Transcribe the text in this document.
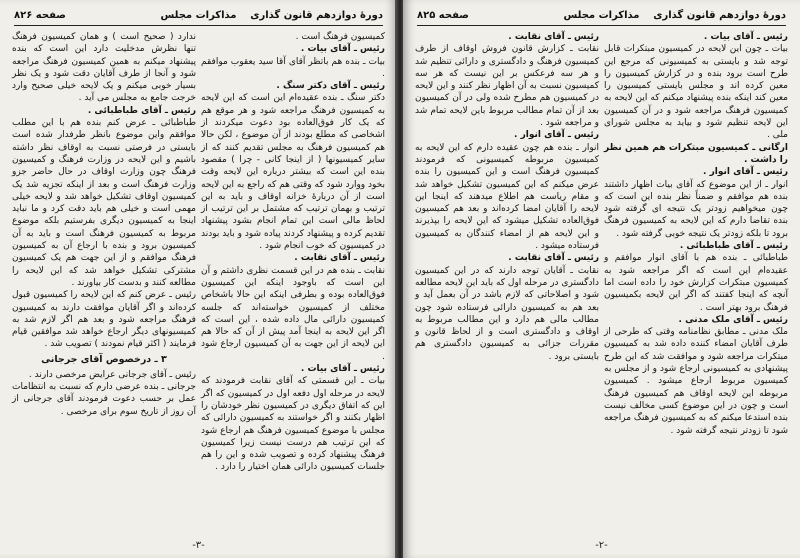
دورهٔ دوازدهم قانون گذاری
مذاکرات مجلس
صفحه ۸۲۶

کمیسیون فرهنگ است .

رئیس ـ آقای بیات .

بیات ـ بنده هم باتظر آقای آقا سید یعقوب موافقم .

رئیس ـ آقای دکتر سنگ .

دکتر سنگ ـ بنده عقیده‌ام این است که این لایحه به کمیسیون فرهنگ مراجعه شود و هر موقع هم که یک کار فوق‌العاده بود دعوت میکردند از اشخاصی که مطلع بودند از آن موضوع ، لکن حالا هم کمیسیون فرهنگ به مجلس تقدیم کنند که از سایر کمیسیونها ( از اینجا کانی - چرا ) مقصود بنده این است که بیشتر درباره این لایحه وقت بخود ووارد شود که وقتی هم که راجع به این لایحه است از آن دربارهٔ خزانه اوقاف و باید به این ترتیب و بهمان ترتیب که مشتمل بر این ترتیب از لحاظ مالی است این تمام انجام بشود پیشنهاد تقدیم کرده و پیشنهاد کردند پیاده شود و باید بودند در کمیسیون که خوب انجام شود .

رئیس ـ آقای نقابت .

نقابت ـ بنده هم در این قسمت نظری داشتم و آن این است که باوجود اینکه این کمیسیون فوق‌العاده بوده و بطرفی اینکه این حالا باشخاص مختلف از کمیسیون خواسته‌اند که جلسه کمیسیون دارائی مال داده شده ، این است که اگر این لایحه به اینجا آمد پیش از آن که حالا هم این لایحه از این جهت به آن کمیسیون ارجاع شود .

رئیس ـ آقای بیات .

بیات ـ این قسمتی که آقای نقابت فرمودند که لایحه در مرحله اول دفعه اول در کمیسیون که اگر این که اتفاق دیگری در کمیسیون نظر خودشان را اظهار بکنند و اگر خواستند به کمیسیون دارائی که مجلس با موضوع کمیسیون فرهنگ هم ارجاع شود که این ترتیب هم درست نیست زیرا کمیسیون فرهنگ پیشنهاد کرده و تصویب شده و این را هم جلسات کمیسیون دارائی همان اختیار را دارد .

ندارد ( صحیح است ) و همان کمیسیون فرهنگ تنها نظرش مدخلیت دارد این است که بنده پیشنهاد میکنم به همین کمیسیون فرهنگ مراجعه شود و آنجا از طرف آقایان دقت شود و یک نظر بسیار خوبی میکنم و یک لایحه خیلی صحیح وارد خرجت جامع به مجلس می آید .

رئیس ـ آقای طباطبائی .

طباطبائی ـ عرض کنم بنده هم با این مطلب موافقم واین موضوع بانظر طرفدار شده است بایستی در فرصتی نسبت به اوقاف نظر داشته باشیم و این لایحه در وزارت فرهنگ و کمیسیون فرهنگ چون وزارت اوقاف در حال حاضر جزو وزارت فرهنگ است و بعد از اینکه تجزیه شد یک کمیسیون اوقاف تشکیل خواهد شد و لایحه خیلی مهمی است و خیلی هم باید دقت کرد و ما نباید اینجا به کمیسیون دیگری بفرستیم بلکه موضوع مربوط به کمیسیون فرهنگ است و باید به آن کمیسیون برود و بنده با ارجاع آن به کمیسیون فرهنگ موافقم و از این جهت هم یک کمیسیون مشترکی تشکیل خواهد شد که این لایحه را مطالعه کنند و بدست کار بیاورند .

رئیس ـ عرض کنم که این لایحه را کمیسیون قبول کرده‌اند و اگر آقایان موافقت دارند به کمیسیون فرهنگ مراجعه شود و بعد هم اگر لازم شد به کمیسیونهای دیگر ارجاع خواهد شد موافقین قیام فرمایند ( اکثر قیام نمودند ) تصویب شد .

۳ ـ درخصوص آقای جرجانی

رئیس ـ آقای جرجانی عرایض مرخصی دارند .

جرجانی ـ بنده عرضی دارم که نسبت به انتظامات عمل بر حسب دعوت فرمودند آقای جرجانی از آن روز از تاریخ سوم برای مرخصی .

-۳-
دورهٔ دوازدهم قانون گذاری
مذاکرات مجلس
صفحه ۸۲۵

رئیس ـ آقای بیات .

بیات ـ چون این لایحه در کمیسیون مبتکرات قابل توجه شد و بایستی به کمیسیونی که مرجع این طرح است برود بنده و در کزارش کمیسیون را معین کرده اند و مجلس بایستی کمیسیون را معین کند اینکه بنده پیشنهاد میکنم که این لایحه به کمیسیون فرهنگ مراجعه شود و در آن کمیسیون این لایحه تنظیم شود و بیاید به مجلس شورای ملی .

ارگانی ـ کمیسیون مبتکرات هم همین نظر را داشت .

رئیس ـ آقای انوار .

انوار ـ از این موضوع که آقای بیات اظهار داشتند بنده هم موافقم و ضمناً نظر بنده این است که چون میخواهیم زودتر یک نتیجه ای گرفته شود بنده تقاضا دارم که این لایحه به کمیسیون فرهنگ برود تا بلکه زودتر یک نتیجه خوبی گرفته شود .

رئیس ـ آقای طباطبائی .

طباطبائی ـ بنده هم با آقای انوار موافقم و عقیده‌ام این است که اگر مراجعه شود به کمیسیون مبتکرات کزارش خود را داده است اما آنچه که اینجا کفتند که اگر این لایحه بکمیسیون فرهنگ برود بهتر است .

رئیس ـ آقای ملک مدنی .

ملک مدنی ـ مطابق نظامنامه وقتی که طرحی از طرف آقایان امضاء کننده داده شد به کمیسیون مبتکرات مراجعه شود و موافقت شد که این طرح پیشنهادی به کمیسیونی ارجاع شود و از مجلس به کمیسیون مربوط ارجاع میشود . کمیسیون مربوطه این لایحه اوقاف هم کمیسیون فرهنگ است و چون در این موضوع کسی مخالف نیست بنده استدعا میکنم که به کمیسیون فرهنگ مراجعه شود تا زودتر نتیجه گرفته شود .

رئیس ـ آقای نقابت .

نقابت ـ کزارش قانون فروش اوقاف از طرف کمیسیون فرهنگ و دادگستری و دارائی تنظیم شد و هر سه فرعکس بر این نیست که هر سه کمیسیون نسبت به آن اظهار نظر کنند و این لایحه در کمیسیون هم مطرح شده ولی در آن کمیسیون بعد از آن تمام مطالب مربوط باین لایحه تمام شد و مراجعه شود .

رئیس ـ آقای انوار .

انوار ـ بنده هم چون عقیده دارم که این لایحه به کمیسیون مربوطه کمیسیونی که فرمودند کمیسیون فرهنگ است و این کمیسیون را بنده عرض میکنم که این کمیسیون تشکیل خواهد شد و مقام ریاست هم اطلاع میدهند که اینجا این لایحه را آقایان امضا کرده‌اند و بعد هم کمیسیون فوق‌العاده تشکیل میشود که این لایحه را بپذیرند و این لایحه هم از امضاء کنندگان به کمیسیون فرستاده میشود .

رئیس ـ آقای نقابت .

نقابت ـ آقایان توجه دارند که در این کمیسیون دادگستری در مرحله اول که باید این لایحه مطالعه شود و اصلاحاتی که لازم باشد در آن بعمل آید و بعد هم به کمیسیون دارائی فرستاده شود چون مطالب مالی هم دارد و این مطالب مربوط به اوقاف و دادگستری است و از لحاظ قانون و مقررات جزائی به کمیسیون دادگستری هم بایستی برود .

-۲-
